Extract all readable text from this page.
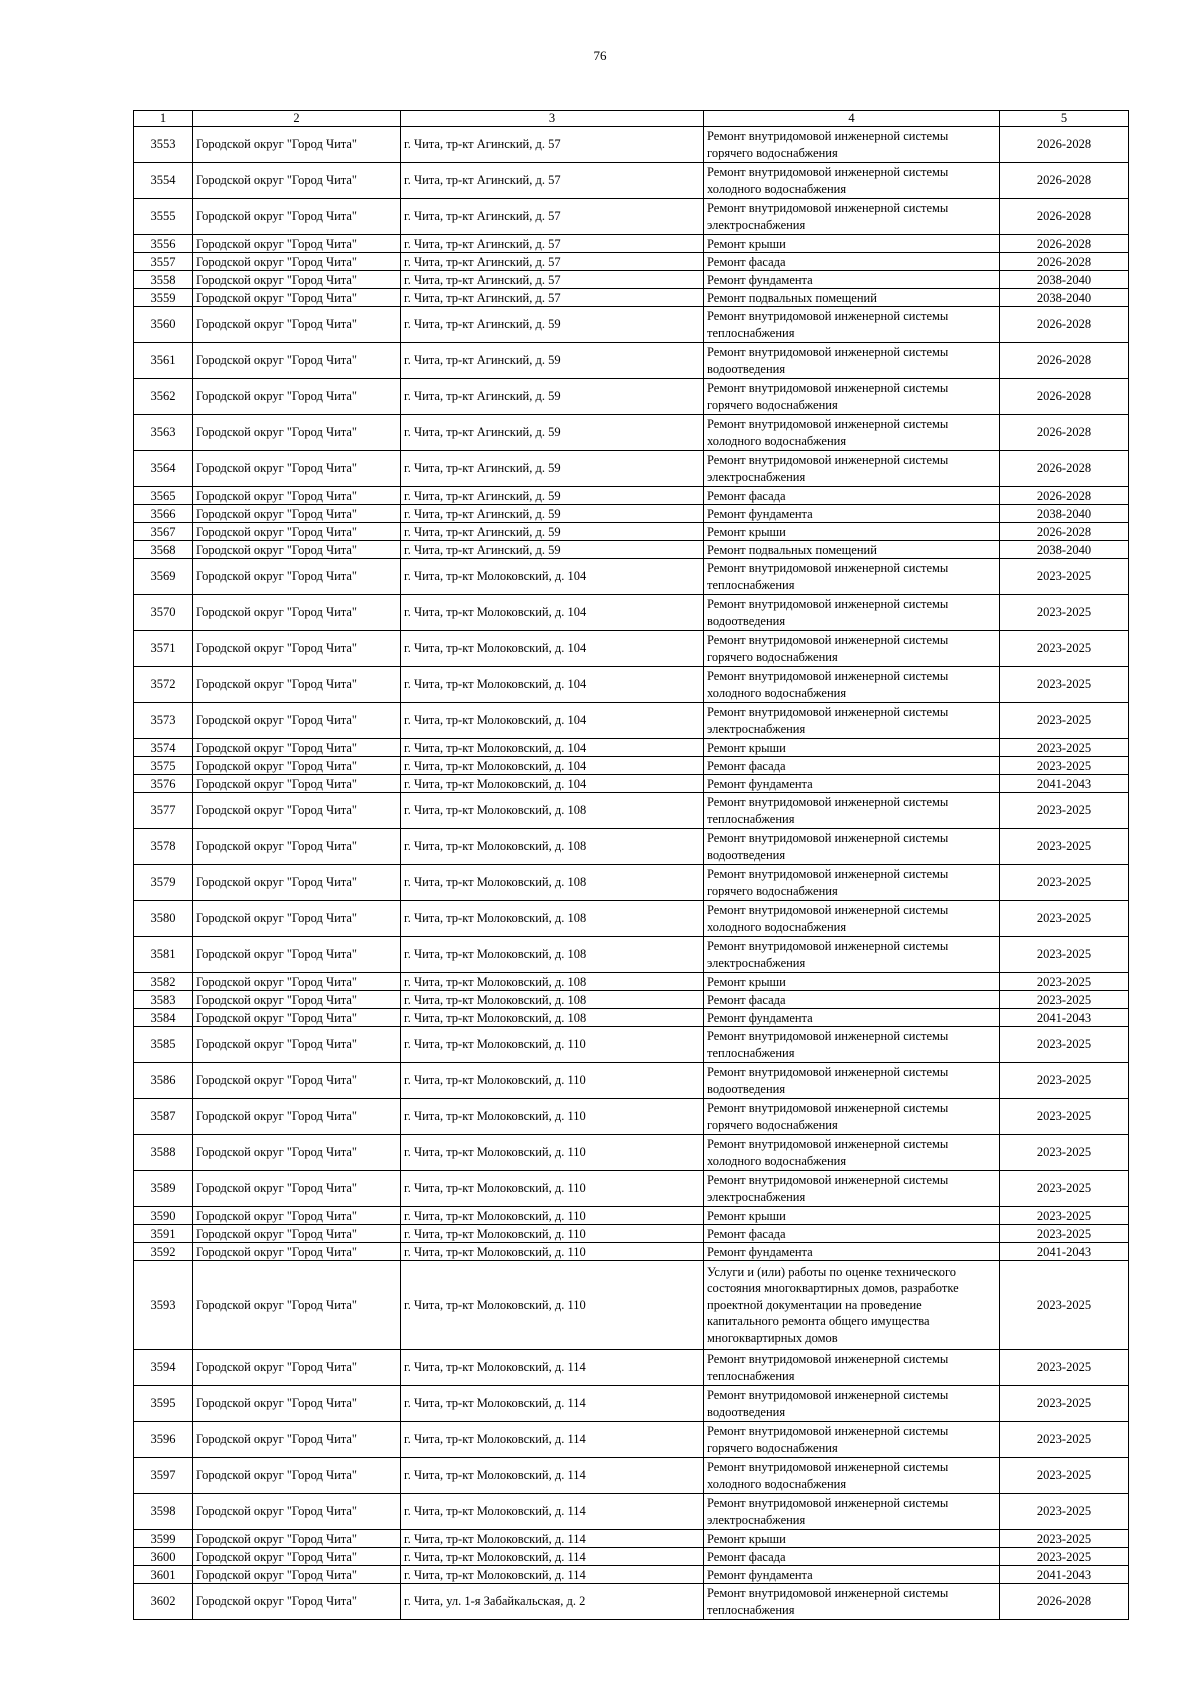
76
1	2	3	4	5
3553	Городской округ "Город Чита"	г. Чита, тр-кт Агинский, д. 57	Ремонт внутридомовой инженерной системы горячего водоснабжения	2026-2028
3554	Городской округ "Город Чита"	г. Чита, тр-кт Агинский, д. 57	Ремонт внутридомовой инженерной системы холодного водоснабжения	2026-2028
3555	Городской округ "Город Чита"	г. Чита, тр-кт Агинский, д. 57	Ремонт внутридомовой инженерной системы электроснабжения	2026-2028
3556	Городской округ "Город Чита"	г. Чита, тр-кт Агинский, д. 57	Ремонт крыши	2026-2028
3557	Городской округ "Город Чита"	г. Чита, тр-кт Агинский, д. 57	Ремонт фасада	2026-2028
3558	Городской округ "Город Чита"	г. Чита, тр-кт Агинский, д. 57	Ремонт фундамента	2038-2040
3559	Городской округ "Город Чита"	г. Чита, тр-кт Агинский, д. 57	Ремонт подвальных помещений	2038-2040
3560	Городской округ "Город Чита"	г. Чита, тр-кт Агинский, д. 59	Ремонт внутридомовой инженерной системы теплоснабжения	2026-2028
3561	Городской округ "Город Чита"	г. Чита, тр-кт Агинский, д. 59	Ремонт внутридомовой инженерной системы водоотведения	2026-2028
3562	Городской округ "Город Чита"	г. Чита, тр-кт Агинский, д. 59	Ремонт внутридомовой инженерной системы горячего водоснабжения	2026-2028
3563	Городской округ "Город Чита"	г. Чита, тр-кт Агинский, д. 59	Ремонт внутридомовой инженерной системы холодного водоснабжения	2026-2028
3564	Городской округ "Город Чита"	г. Чита, тр-кт Агинский, д. 59	Ремонт внутридомовой инженерной системы электроснабжения	2026-2028
3565	Городской округ "Город Чита"	г. Чита, тр-кт Агинский, д. 59	Ремонт фасада	2026-2028
3566	Городской округ "Город Чита"	г. Чита, тр-кт Агинский, д. 59	Ремонт фундамента	2038-2040
3567	Городской округ "Город Чита"	г. Чита, тр-кт Агинский, д. 59	Ремонт крыши	2026-2028
3568	Городской округ "Город Чита"	г. Чита, тр-кт Агинский, д. 59	Ремонт подвальных помещений	2038-2040
3569	Городской округ "Город Чита"	г. Чита, тр-кт Молоковский, д. 104	Ремонт внутридомовой инженерной системы теплоснабжения	2023-2025
3570	Городской округ "Город Чита"	г. Чита, тр-кт Молоковский, д. 104	Ремонт внутридомовой инженерной системы водоотведения	2023-2025
3571	Городской округ "Город Чита"	г. Чита, тр-кт Молоковский, д. 104	Ремонт внутридомовой инженерной системы горячего водоснабжения	2023-2025
3572	Городской округ "Город Чита"	г. Чита, тр-кт Молоковский, д. 104	Ремонт внутридомовой инженерной системы холодного водоснабжения	2023-2025
3573	Городской округ "Город Чита"	г. Чита, тр-кт Молоковский, д. 104	Ремонт внутридомовой инженерной системы электроснабжения	2023-2025
3574	Городской округ "Город Чита"	г. Чита, тр-кт Молоковский, д. 104	Ремонт крыши	2023-2025
3575	Городской округ "Город Чита"	г. Чита, тр-кт Молоковский, д. 104	Ремонт фасада	2023-2025
3576	Городской округ "Город Чита"	г. Чита, тр-кт Молоковский, д. 104	Ремонт фундамента	2041-2043
3577	Городской округ "Город Чита"	г. Чита, тр-кт Молоковский, д. 108	Ремонт внутридомовой инженерной системы теплоснабжения	2023-2025
3578	Городской округ "Город Чита"	г. Чита, тр-кт Молоковский, д. 108	Ремонт внутридомовой инженерной системы водоотведения	2023-2025
3579	Городской округ "Город Чита"	г. Чита, тр-кт Молоковский, д. 108	Ремонт внутридомовой инженерной системы горячего водоснабжения	2023-2025
3580	Городской округ "Город Чита"	г. Чита, тр-кт Молоковский, д. 108	Ремонт внутридомовой инженерной системы холодного водоснабжения	2023-2025
3581	Городской округ "Город Чита"	г. Чита, тр-кт Молоковский, д. 108	Ремонт внутридомовой инженерной системы электроснабжения	2023-2025
3582	Городской округ "Город Чита"	г. Чита, тр-кт Молоковский, д. 108	Ремонт крыши	2023-2025
3583	Городской округ "Город Чита"	г. Чита, тр-кт Молоковский, д. 108	Ремонт фасада	2023-2025
3584	Городской округ "Город Чита"	г. Чита, тр-кт Молоковский, д. 108	Ремонт фундамента	2041-2043
3585	Городской округ "Город Чита"	г. Чита, тр-кт Молоковский, д. 110	Ремонт внутридомовой инженерной системы теплоснабжения	2023-2025
3586	Городской округ "Город Чита"	г. Чита, тр-кт Молоковский, д. 110	Ремонт внутридомовой инженерной системы водоотведения	2023-2025
3587	Городской округ "Город Чита"	г. Чита, тр-кт Молоковский, д. 110	Ремонт внутридомовой инженерной системы горячего водоснабжения	2023-2025
3588	Городской округ "Город Чита"	г. Чита, тр-кт Молоковский, д. 110	Ремонт внутридомовой инженерной системы холодного водоснабжения	2023-2025
3589	Городской округ "Город Чита"	г. Чита, тр-кт Молоковский, д. 110	Ремонт внутридомовой инженерной системы электроснабжения	2023-2025
3590	Городской округ "Город Чита"	г. Чита, тр-кт Молоковский, д. 110	Ремонт крыши	2023-2025
3591	Городской округ "Город Чита"	г. Чита, тр-кт Молоковский, д. 110	Ремонт фасада	2023-2025
3592	Городской округ "Город Чита"	г. Чита, тр-кт Молоковский, д. 110	Ремонт фундамента	2041-2043
3593	Городской округ "Город Чита"	г. Чита, тр-кт Молоковский, д. 110	Услуги и (или) работы по оценке технического состояния многоквартирных домов, разработке проектной документации на проведение капитального ремонта общего имущества многоквартирных домов	2023-2025
3594	Городской округ "Город Чита"	г. Чита, тр-кт Молоковский, д. 114	Ремонт внутридомовой инженерной системы теплоснабжения	2023-2025
3595	Городской округ "Город Чита"	г. Чита, тр-кт Молоковский, д. 114	Ремонт внутридомовой инженерной системы водоотведения	2023-2025
3596	Городской округ "Город Чита"	г. Чита, тр-кт Молоковский, д. 114	Ремонт внутридомовой инженерной системы горячего водоснабжения	2023-2025
3597	Городской округ "Город Чита"	г. Чита, тр-кт Молоковский, д. 114	Ремонт внутридомовой инженерной системы холодного водоснабжения	2023-2025
3598	Городской округ "Город Чита"	г. Чита, тр-кт Молоковский, д. 114	Ремонт внутридомовой инженерной системы электроснабжения	2023-2025
3599	Городской округ "Город Чита"	г. Чита, тр-кт Молоковский, д. 114	Ремонт крыши	2023-2025
3600	Городской округ "Город Чита"	г. Чита, тр-кт Молоковский, д. 114	Ремонт фасада	2023-2025
3601	Городской округ "Город Чита"	г. Чита, тр-кт Молоковский, д. 114	Ремонт фундамента	2041-2043
3602	Городской округ "Город Чита"	г. Чита, ул. 1-я Забайкальская, д. 2	Ремонт внутридомовой инженерной системы теплоснабжения	2026-2028
